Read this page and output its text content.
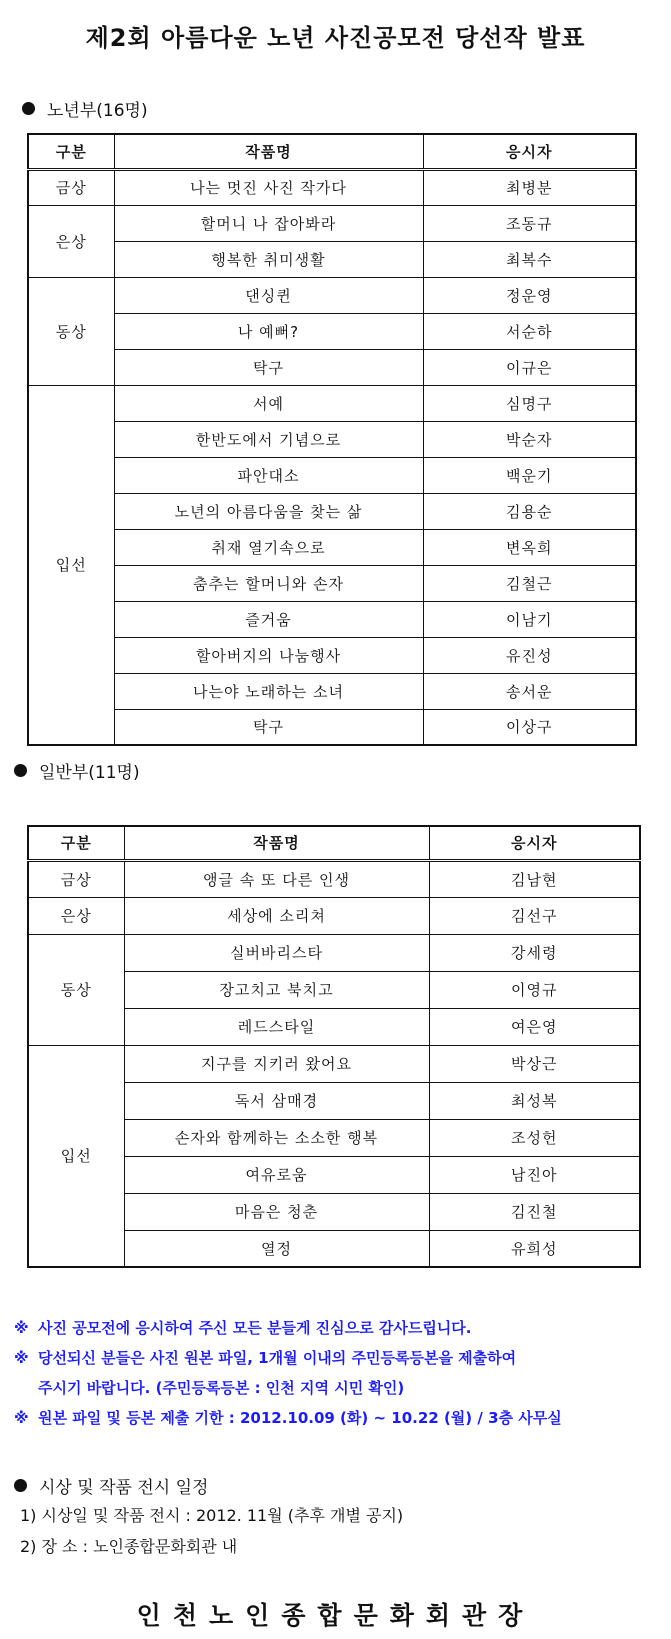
제2회 아름다운 노년 사진공모전 당선작 발표
노년부(16명)
구분	작품명	응시자
금상	나는 멋진 사진 작가다	최병분
은상	할머니 나 잡아봐라	조동규
	행복한 취미생활	최복수
동상	댄싱퀸	정운영
	나 예뻐?	서순하
	탁구	이규은
입선	서예	심명구
	한반도에서 기념으로	박순자
	파안대소	백운기
	노년의 아름다움을 찾는 삶	김용순
	취재 열기속으로	변옥희
	춤추는 할머니와 손자	김철근
	즐거움	이남기
	할아버지의 나눔행사	유진성
	나는야 노래하는 소녀	송서운
	탁구	이상구
일반부(11명)
구분	작품명	응시자
금상	앵글 속 또 다른 인생	김남현
은상	세상에 소리쳐	김선구
동상	실버바리스타	강세령
	장고치고 북치고	이영규
	레드스타일	여은영
입선	지구를 지키러 왔어요	박상근
	독서 삼매경	최성복
	손자와 함께하는 소소한 행복	조성헌
	여유로움	남진아
	마음은 청춘	김진철
	열정	유희성
※ 사진 공모전에 응시하여 주신 모든 분들게 진심으로 감사드립니다.
※ 당선되신 분들은 사진 원본 파일, 1개월 이내의 주민등록등본을 제출하여
주시기 바랍니다. (주민등록등본 : 인천 지역 시민 확인)
※ 원본 파일 및 등본 제출 기한 : 2012.10.09 (화) ~ 10.22 (월) / 3층 사무실
시상 및 작품 전시 일정
1) 시상일 및 작품 전시 : 2012. 11월 (추후 개별 공지)
2) 장 소 : 노인종합문화회관 내
인천노인종합문화회관장
